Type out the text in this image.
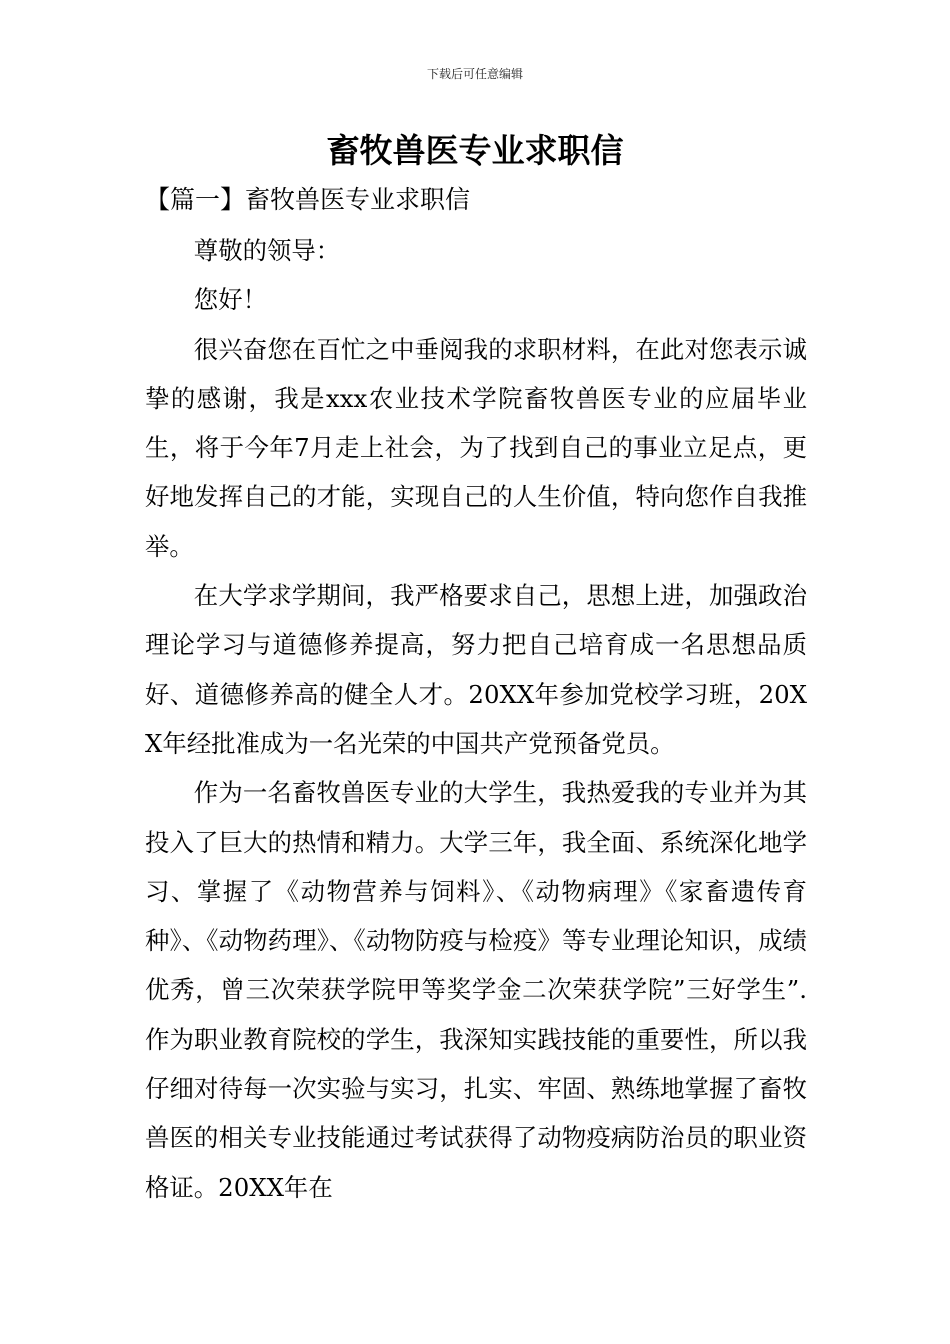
下载后可任意编辑
畜牧兽医专业求职信
【篇一】畜牧兽医专业求职信

尊敬的领导：

您好！

很兴奋您在百忙之中垂阅我的求职材料，在此对您表示诚挚的感谢，我是xxx农业技术学院畜牧兽医专业的应届毕业生，将于今年7月走上社会，为了找到自己的事业立足点，更好地发挥自己的才能，实现自己的人生价值，特向您作自我推举。

在大学求学期间，我严格要求自己，思想上进，加强政治理论学习与道德修养提高，努力把自己培育成一名思想品质好、道德修养高的健全人才。20XX年参加党校学习班，20XX年经批准成为一名光荣的中国共产党预备党员。

作为一名畜牧兽医专业的大学生，我热爱我的专业并为其投入了巨大的热情和精力。大学三年，我全面、系统深化地学习、掌握了《动物营养与饲料》、《动物病理》《家畜遗传育种》、《动物药理》、《动物防疫与检疫》等专业理论知识，成绩优秀，曾三次荣获学院甲等奖学金二次荣获学院”三好学生”.作为职业教育院校的学生，我深知实践技能的重要性，所以我仔细对待每一次实验与实习，扎实、牢固、熟练地掌握了畜牧兽医的相关专业技能通过考试获得了动物疫病防治员的职业资格证。20XX年在
